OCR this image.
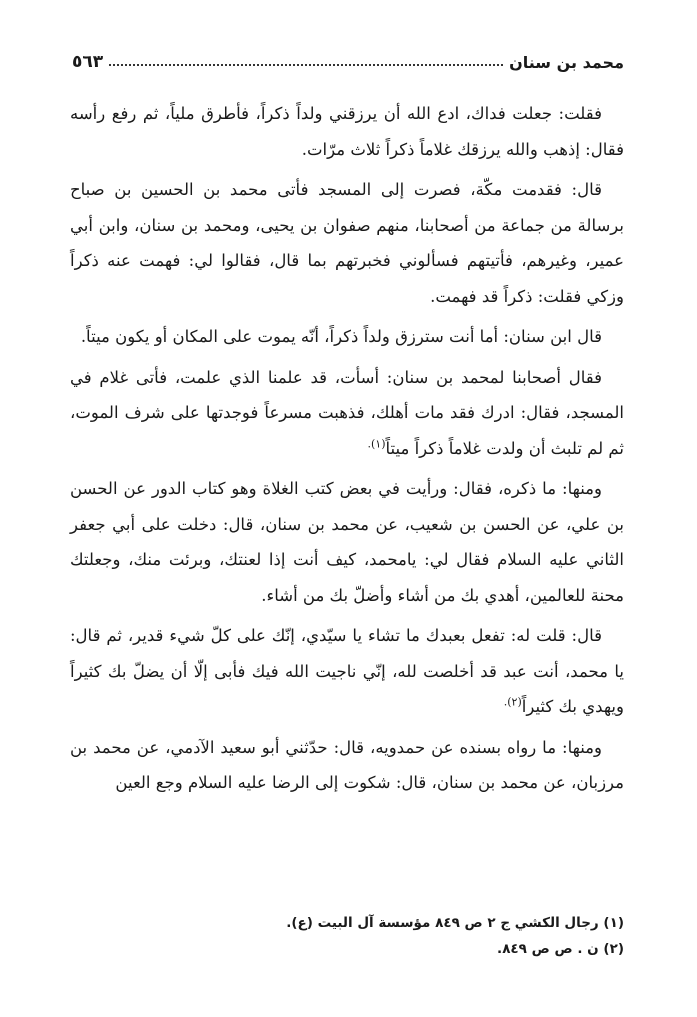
محمد بن سنان
٥٦٣

فقلت: جعلت فداك، ادع الله أن يرزقني ولداً ذكراً، فأطرق ملياً، ثم رفع رأسه فقال: إذهب والله يرزقك غلاماً ذكراً ثلاث مرّات.

قال: فقدمت مكّة، فصرت إلى المسجد فأتى محمد بن الحسين بن صباح برسالة من جماعة من أصحابنا، منهم صفوان بن يحيى، ومحمد بن سنان، وابن أبي عمير، وغيرهم، فأتيتهم فسألوني فخبرتهم بما قال، فقالوا لي: فهمت عنه ذكراً وزكي فقلت: ذكراً قد فهمت.

قال ابن سنان: أما أنت سترزق ولداً ذكراً، أنّه يموت على المكان أو يكون ميتاً.

فقال أصحابنا لمحمد بن سنان: أسأت، قد علمنا الذي علمت، فأتى غلام في المسجد، فقال: ادرك فقد مات أهلك، فذهبت مسرعاً فوجدتها على شرف الموت، ثم لم تلبث أن ولدت غلاماً ذكراً ميتاً$^{(١).}$

ومنها: ما ذكره، فقال: ورأيت في بعض كتب الغلاة وهو كتاب الدور عن الحسن بن علي، عن الحسن بن شعيب، عن محمد بن سنان، قال: دخلت على أبي جعفر الثاني عليه السلام فقال لي: يامحمد، كيف أنت إذا لعنتك، وبرئت منك، وجعلتك محنة للعالمين، أهدي بك من أشاء وأضلّ بك من أشاء.

قال: قلت له: تفعل بعبدك ما تشاء يا سيّدي، إنّك على كلّ شيء قدير، ثم قال: يا محمد، أنت عبد قد أخلصت لله، إنّي ناجيت الله فيك فأبى إلّا أن يضلّ بك كثيراً ويهدي بك كثيراً$^{(٢).}$

ومنها: ما رواه بسنده عن حمدويه، قال: حدّثني أبو سعيد الآدمي، عن محمد بن مرزبان، عن محمد بن سنان، قال: شكوت إلى الرضا عليه السلام وجع العين

(١) رجال الكشي ج ٢ ص ٨٤٩ مؤسسة آل البيت (ع).

(٢) ن . ص ص ٨٤٩.
